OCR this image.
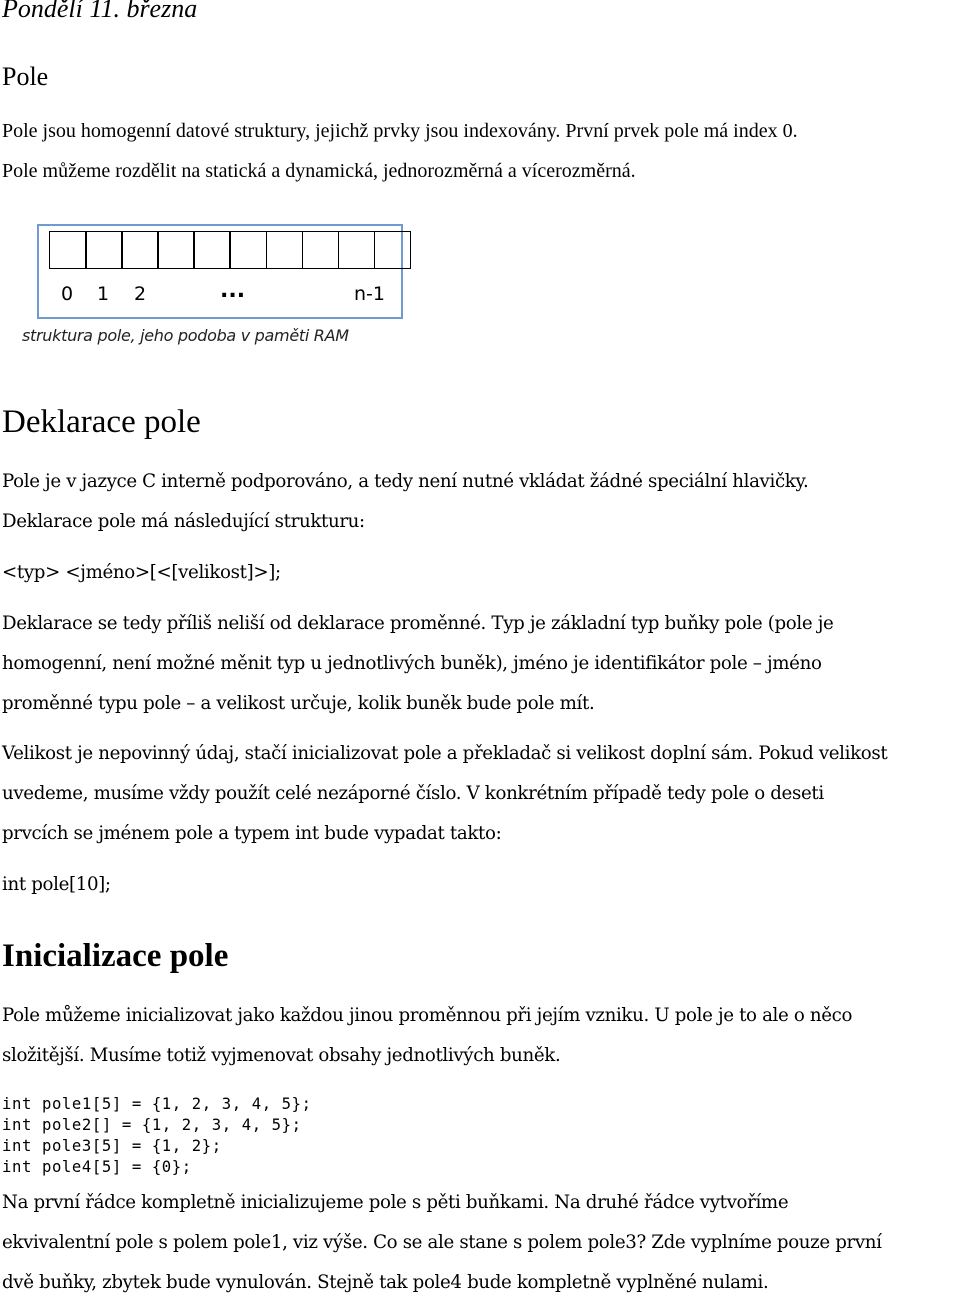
Pondělí 11. března
Pole
Pole jsou homogenní datové struktury, jejichž prvky jsou indexovány. První prvek pole má index 0.
Pole můžeme rozdělit na statická a dynamická, jednorozměrná a vícerozměrná.
0 1 2	...	n-1
struktura pole, jeho podoba v paměti RAM
Deklarace pole
Pole je v jazyce C interně podporováno, a tedy není nutné vkládat žádné speciální hlavičky.
Deklarace pole má následující strukturu:
<typ> <jméno>[<[velikost]>];
Deklarace se tedy příliš neliší od deklarace proměnné. Typ je základní typ buňky pole (pole je
homogenní, není možné měnit typ u jednotlivých buněk), jméno je identifikátor pole – jméno
proměnné typu pole – a velikost určuje, kolik buněk bude pole mít.
Velikost je nepovinný údaj, stačí inicializovat pole a překladač si velikost doplní sám. Pokud velikost
uvedeme, musíme vždy použít celé nezáporné číslo. V konkrétním případě tedy pole o deseti
prvcích se jménem pole a typem int bude vypadat takto:
int pole[10];
Inicializace pole
Pole můžeme inicializovat jako každou jinou proměnnou při jejím vzniku. U pole je to ale o něco
složitější. Musíme totiž vyjmenovat obsahy jednotlivých buněk.
int pole1[5] = {1, 2, 3, 4, 5};
int pole2[] = {1, 2, 3, 4, 5};
int pole3[5] = {1, 2};
int pole4[5] = {0};
Na první řádce kompletně inicializujeme pole s pěti buňkami. Na druhé řádce vytvoříme
ekvivalentní pole s polem pole1, viz výše. Co se ale stane s polem pole3? Zde vyplníme pouze první
dvě buňky, zbytek bude vynulován. Stejně tak pole4 bude kompletně vyplněné nulami.
